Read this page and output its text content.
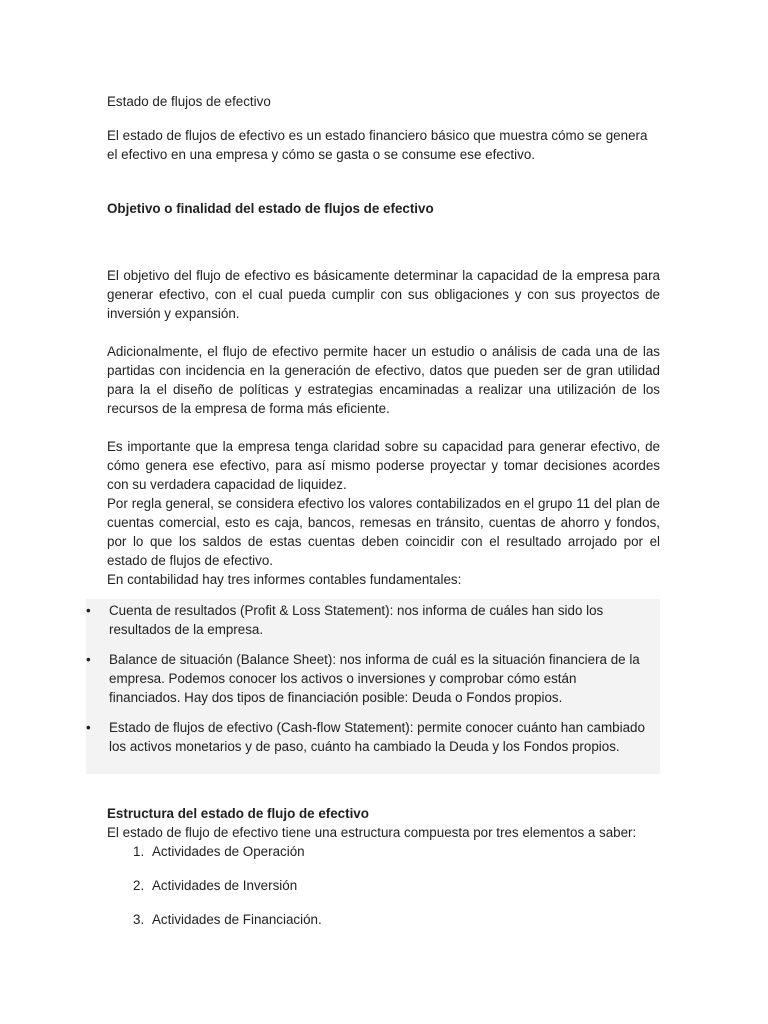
Estado de flujos de efectivo

El estado de flujos de efectivo es un estado financiero básico que muestra cómo se genera el efectivo en una empresa y cómo se gasta o se consume ese efectivo.

Objetivo o finalidad del estado de flujos de efectivo

El objetivo del flujo de efectivo es básicamente determinar la capacidad de la empresa para generar efectivo, con el cual pueda cumplir con sus obligaciones y con sus proyectos de inversión y expansión.

Adicionalmente, el flujo de efectivo permite hacer un estudio o análisis de cada una de las partidas con incidencia en la generación de efectivo, datos que pueden ser de gran utilidad para la el diseño de políticas y estrategias encaminadas a realizar una utilización de los recursos de la empresa de forma más eficiente.

Es importante que la empresa tenga claridad sobre su capacidad para generar efectivo, de cómo genera ese efectivo, para así mismo poderse proyectar y tomar decisiones acordes con su verdadera capacidad de liquidez.

Por regla general, se considera efectivo los valores contabilizados en el grupo 11 del plan de cuentas comercial, esto es caja, bancos, remesas en tránsito, cuentas de ahorro y fondos, por lo que los saldos de estas cuentas deben coincidir con el resultado arrojado por el estado de flujos de efectivo.

En contabilidad hay tres informes contables fundamentales:

•	Cuenta de resultados (Profit & Loss Statement): nos informa de cuáles han sido los resultados de la empresa.
•	Balance de situación (Balance Sheet): nos informa de cuál es la situación financiera de la empresa. Podemos conocer los activos o inversiones y comprobar cómo están financiados. Hay dos tipos de financiación posible: Deuda o Fondos propios.
•	Estado de flujos de efectivo (Cash-flow Statement): permite conocer cuánto han cambiado los activos monetarios y de paso, cuánto ha cambiado la Deuda y los Fondos propios.

Estructura del estado de flujo de efectivo

El estado de flujo de efectivo tiene una estructura compuesta por tres elementos a saber:

1. Actividades de Operación
2. Actividades de Inversión
3. Actividades de Financiación.
